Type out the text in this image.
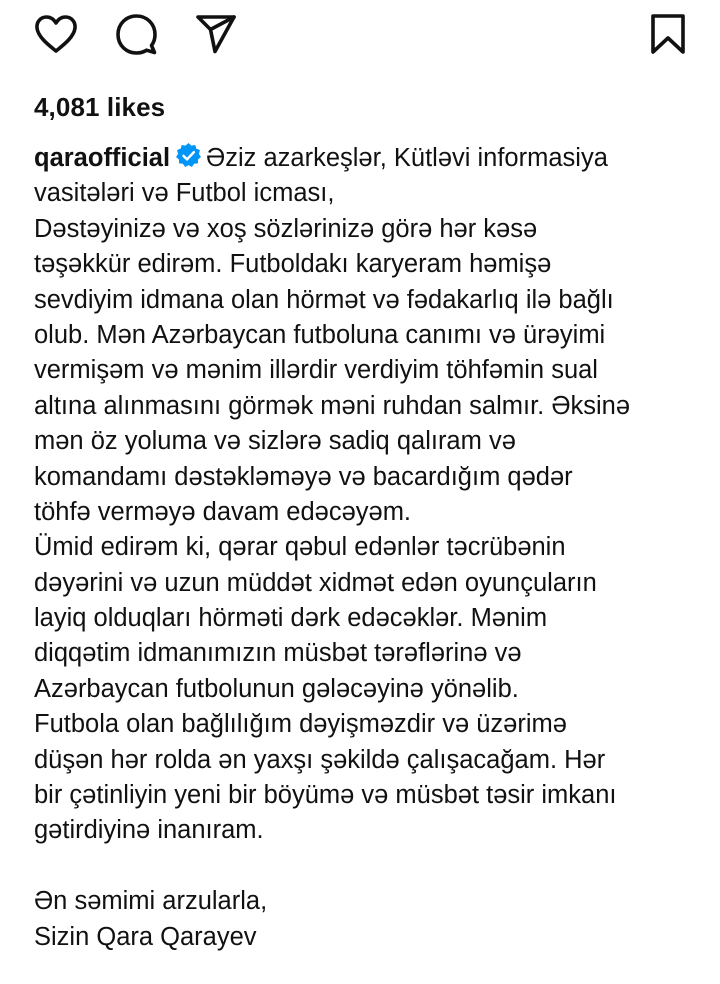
4,081 likes
qaraofficial Əziz azarkeşlər, Kütləvi informasiya
vasitələri və Futbol icması,
Dəstəyinizə və xoş sözlərinizə görə hər kəsə
təşəkkür edirəm. Futboldakı karyeram həmişə
sevdiyim idmana olan hörmət və fədakarlıq ilə bağlı
olub. Mən Azərbaycan futboluna canımı və ürəyimi
vermişəm və mənim illərdir verdiyim töhfəmin sual
altına alınmasını görmək məni ruhdan salmır. Əksinə
mən öz yoluma və sizlərə sadiq qalıram və
komandamı dəstəkləməyə və bacardığım qədər
töhfə verməyə davam edəcəyəm.
Ümid edirəm ki, qərar qəbul edənlər təcrübənin
dəyərini və uzun müddət xidmət edən oyunçuların
layiq olduqları hörməti dərk edəcəklər. Mənim
diqqətim idmanımızın müsbət tərəflərinə və
Azərbaycan futbolunun gələcəyinə yönəlib.
Futbola olan bağlılığım dəyişməzdir və üzərimə
düşən hər rolda ən yaxşı şəkildə çalışacağam. Hər
bir çətinliyin yeni bir böyümə və müsbət təsir imkanı
gətirdiyinə inanıram.
Ən səmimi arzularla,
Sizin Qara Qarayev
